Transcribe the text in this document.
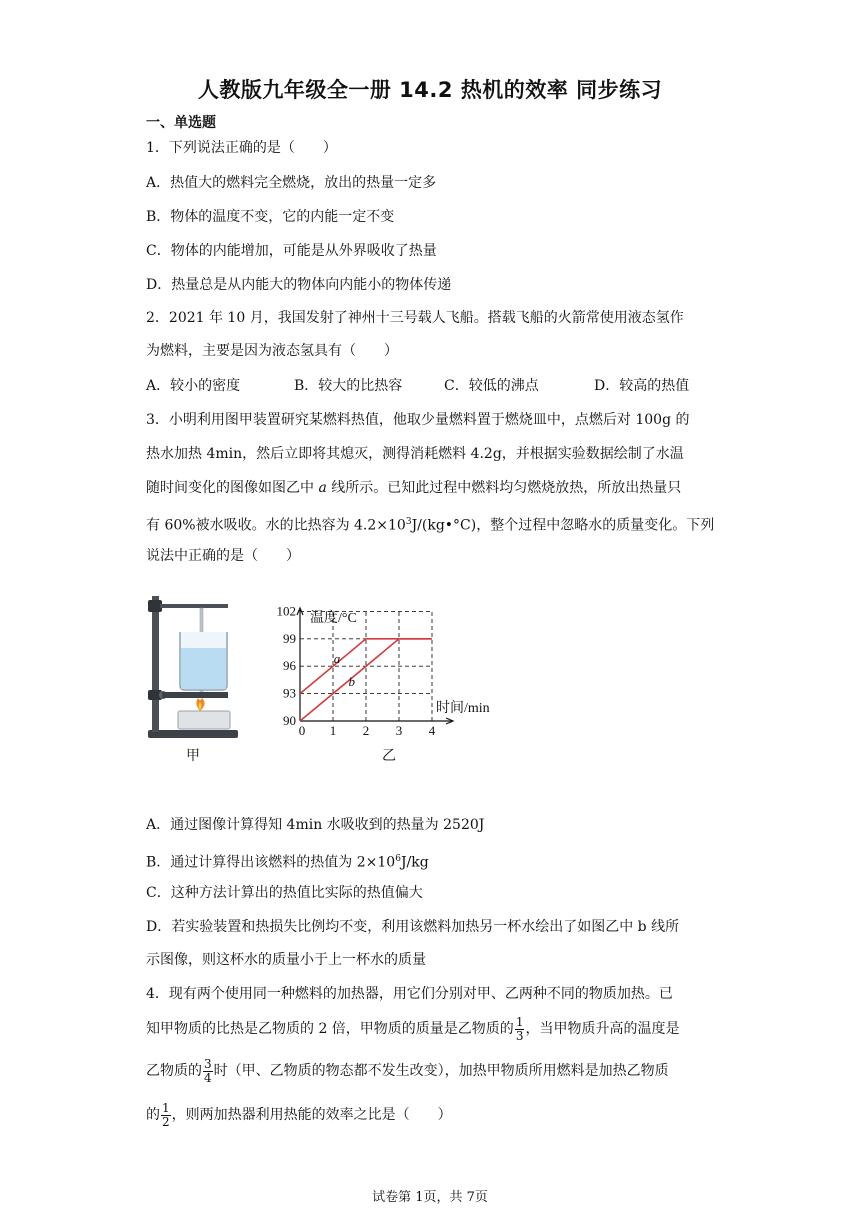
人教版九年级全一册 14.2 热机的效率 同步练习
一、单选题
1．下列说法正确的是（　　）
A．热值大的燃料完全燃烧，放出的热量一定多
B．物体的温度不变，它的内能一定不变
C．物体的内能增加，可能是从外界吸收了热量
D．热量总是从内能大的物体向内能小的物体传递
2．2021 年 10 月，我国发射了神州十三号载人飞船。搭载飞船的火箭常使用液态氢作
为燃料，主要是因为液态氢具有（　　）
A．较小的密度	B．较大的比热容	C．较低的沸点	D．较高的热值
3．小明利用图甲装置研究某燃料热值，他取少量燃料置于燃烧皿中，点燃后对 100g 的
热水加热 4min，然后立即将其熄灭，测得消耗燃料 4.2g，并根据实验数据绘制了水温
随时间变化的图像如图乙中 a 线所示。已知此过程中燃料均匀燃烧放热，所放出热量只
有 60%被水吸收。水的比热容为 $4.2\times 10^3J/(kg•^\circ C)$，整个过程中忽略水的质量变化。下列
说法中正确的是（　　）
甲
0 1 2 3 4
90
93
96
99
102
a
b
温度/°C
时间/min
乙
A．通过图像计算得知 4min 水吸收到的热量为 2520J
B．通过计算得出该燃料的热值为 $2\times 10^6J/kg$
C．这种方法计算出的热值比实际的热值偏大
D．若实验装置和热损失比例均不变，利用该燃料加热另一杯水绘出了如图乙中 b 线所
示图像，则这杯水的质量小于上一杯水的质量
4．现有两个使用同一种燃料的加热器，用它们分别对甲、乙两种不同的物质加热。已
知甲物质的比热是乙物质的 2 倍，甲物质的质量是乙物质的 $\frac{1}{3}$ ，当甲物质升高的温度是
乙物质的 $\frac{3}{4}$ 时（甲、乙物质的物态都不发生改变），加热甲物质所用燃料是加热乙物质
的 $\frac{1}{2}$ ，则两加热器利用热能的效率之比是（　　）
试卷第 1页，共 7页
